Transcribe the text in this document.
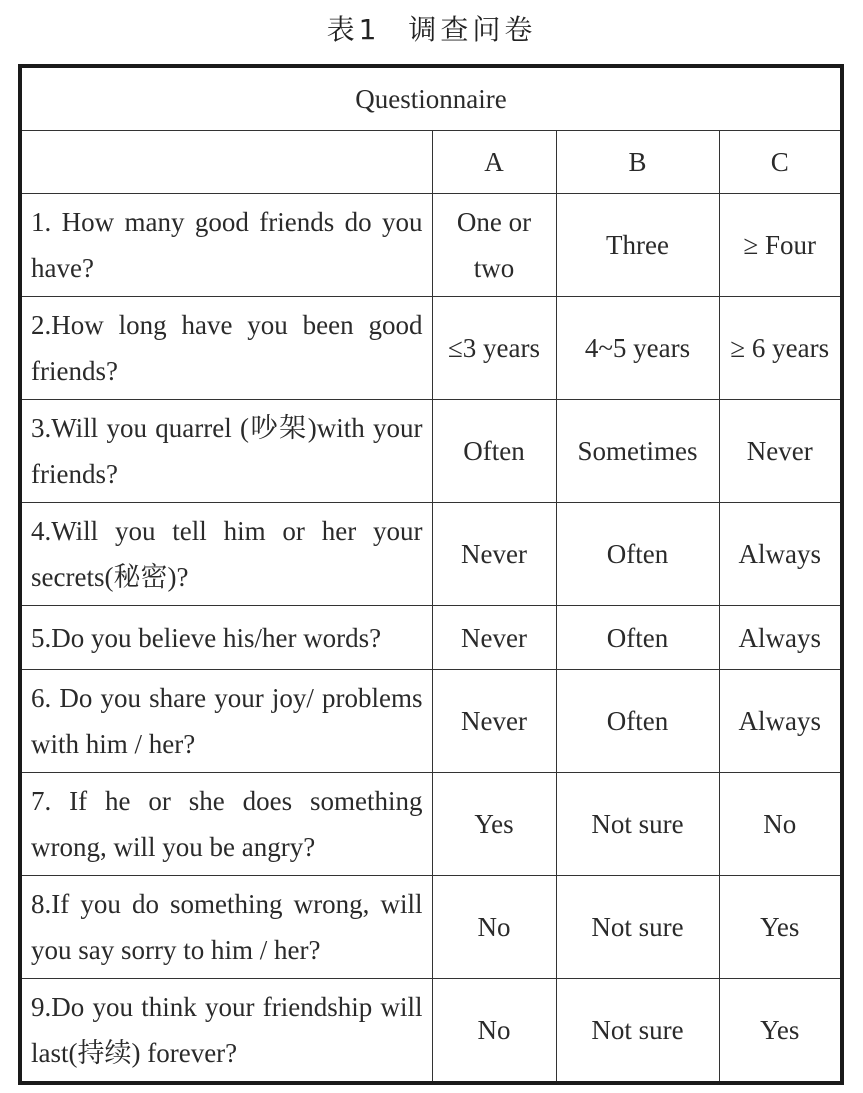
表1 调查问卷
Questionnaire			
	A	B	C
1. How many good friends do you have?	One or two	Three	≥ Four
2.How long have you been good friends?	≤3 years	4~5 years	≥ 6 years
3.Will you quarrel (吵架)with your friends?	Often	Sometimes	Never
4.Will you tell him or her your secrets(秘密)?	Never	Often	Always
5.Do you believe his/her words?	Never	Often	Always
6. Do you share your joy/ problems with him / her?	Never	Often	Always
7. If he or she does something wrong, will you be angry?	Yes	Not sure	No
8.If you do something wrong, will you say sorry to him / her?	No	Not sure	Yes
9.Do you think your friendship will last(持续) forever?	No	Not sure	Yes
